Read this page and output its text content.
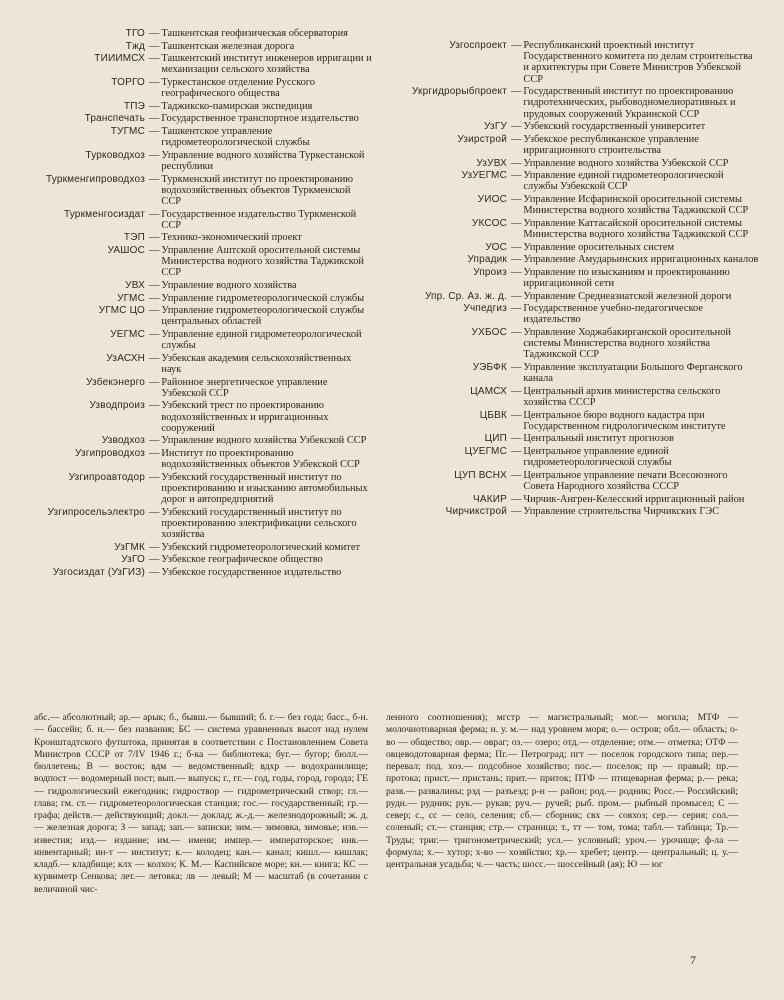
ТГО — Ташкентская геофизическая обсерватория
Тжд — Ташкентская железная дорога
ТИИИМСХ — Ташкентский институт инженеров ирригации и механизации сельского хозяйства
ТОРГО — Туркестанское отделение Русского географического общества
ТПЭ — Таджикско-памирская экспедиция
Транспечать — Государственное транспортное издательство
ТУГМС — Ташкентское управление гидрометеорологической службы
Турководхоз — Управление водного хозяйства Туркестанской республики
Туркменгипроводхоз — Туркменский институт по проектированию водохозяйственных объектов Туркменской ССР
Туркменгосиздат — Государственное издательство Туркменской ССР
ТЭП — Технико-экономический проект
УАШОС — Управление Аштской оросительной системы Министерства водного хозяйства Таджикской ССР
УВХ — Управление водного хозяйства
УГМС — Управление гидрометеорологической службы
УГМС ЦО — Управление гидрометеорологической службы центральных областей
УЕГМС — Управление единой гидрометеорологической службы
УзАСХН — Узбекская академия сельскохозяйственных наук
Узбекэнерго — Районное энергетическое управление Узбекской ССР
Узводпроиз — Узбекский трест по проектированию водохозяйственных и ирригационных сооружений
Узводхоз — Управление водного хозяйства Узбекской ССР
Узгипроводхоз — Институт по проектированию водохозяйственных объектов Узбекской ССР
Узгипроавтодор — Узбекский государственный институт по проектированию и изысканию автомобильных дорог и автопредприятий
Узгипросельэлектро — Узбекский государственный институт по проектированию электрификации сельского хозяйства
УзГМК — Узбекский гидрометеорологический комитет
УзГО — Узбекское географическое общество
Узгосиздат (УзГИЗ) — Узбекское государственное издательство
Узгоспроект — Республиканский проектный институт Государственного комитета по делам строительства и архитектуры при Совете Министров Узбекской ССР
Укргидрорыбпроект — Государственный институт по проектированию гидротехнических, рыбоводномелиоративных и прудовых сооружений Украинской ССР
УзГУ — Узбекский государственный университет
Узирстрой — Узбекское республиканское управление ирригационного строительства
УзУВХ — Управление водного хозяйства Узбекской ССР
УзУЕГМС — Управление единой гидрометеорологической службы Узбекской ССР
УИОС — Управление Исфаринской оросительной системы Министерства водного хозяйства Таджикской ССР
УКСОС — Управление Каттасайской оросительной системы Министерства водного хозяйства Таджикской ССР
УОС — Управление оросительных систем
Упрадик — Управление Амударьинских ирригационных каналов
Упроиз — Управление по изысканиям и проектированию ирригационной сети
Упр. Ср. Аз. ж. д. — Управление Среднеазиатской железной дороги
Учпедгиз — Государственное учебно-педагогическое издательство
УХБОС — Управление Ходжабакирганской оросительной системы Министерства водного хозяйства Таджикской ССР
УЭБФК — Управление эксплуатации Большого Ферганского канала
ЦАМСХ — Центральный архив министерства сельского хозяйства СССР
ЦБВК — Центральное бюро водного кадастра при Государственном гидрологическом институте
ЦИП — Центральный институт прогнозов
ЦУЕГМС — Центральное управление единой гидрометеорологической службы
ЦУП ВСНХ — Центральное управление печати Всесоюзного Совета Народного хозяйства СССР
ЧАКИР — Чирчик-Ангрен-Келесский ирригационный район
Чирчикстрой — Управление строительства Чирчикских ГЭС
абс.— абсолютный; ар.— арык; б., бывш.— бывший; б. г.— без года; басс., б-н.— бассейн; б. н.— без названия; БС — система уравненных высот над нулем Кронштадтского футштока, принятая в соответствии с Постановлением Совета Министров СССР от 7/IV 1946 г.; б-ка — библиотека; буг.— бугор; бюлл.— бюллетень; В — восток; вдм — ведомственный; вдхр — водохранилище; водпост — водомерный пост; вып.— выпуск; г., гг.— год, годы, город, города; ГЕ — гидрологический ежегодник; гидроствор — гидрометрический створ; гл.— глава; гм. ст.— гидрометеорологическая станция; гос.— государственный; гр.— графа; действ.— действующий; докл.— доклад; ж.-д.— железнодорожный; ж. д.— железная дорога; З — запад; зап.— записки; зим.— зимовка, зимовье; изв.— известия; изд.— издание; им.— имени; импер.— императорское; инв.— инвентарный; ин-т — институт; к.— колодец; кан.— канал; кишл.— кишлак; кладб.— кладбище; клх — колхоз; К. М.— Каспийское море; кн.— книга; КС — курвиметр Сенкова; лет.— летовка; лв — левый; М — масштаб (в сочетании с величиной чис-
ленного соотношения); мгстр — магистральный; мог.— могила; МТФ — молочнотоварная ферма; н. у. м.— над уровнем моря; о.— остров; обл.— область; о-во — общество; овр.— овраг; оз.— озеро; отд.— отделение; отм.— отметка; ОТФ — овцеводотоварная ферма; Пг.— Петроград; пгт — поселок городского типа; пер.— перевал; под. хоз.— подсобное хозяйство; пос.— поселок; пр — правый; пр.— протока; прист.— пристань; прит.— приток; ПТФ — птицеварная ферма; р.— река; разв.— развалины; рзд — разъезд; р-н — район; род.— родник; Росс.— Российский; рудн.— рудник; рук.— рукав; руч.— ручей; рыб. пром.— рыбный промысел; С — север; с., сс — село, селения; сб.— сборник; свх — совхоз; сер.— серия; сол.— соленый; ст.— станция; стр.— страница; т., тт — том, тома; табл.— таблица; Тр.— Труды; триг.— тригонометрический; усл.— условный; уроч.— урочище; ф-ла — формула; х.— хутор; х-во — хозяйство; хр.— хребет; центр.— центральный; ц. у.— центральная усадьба; ч.— часть; шосс.— шоссейный (ая); Ю — юг
7
